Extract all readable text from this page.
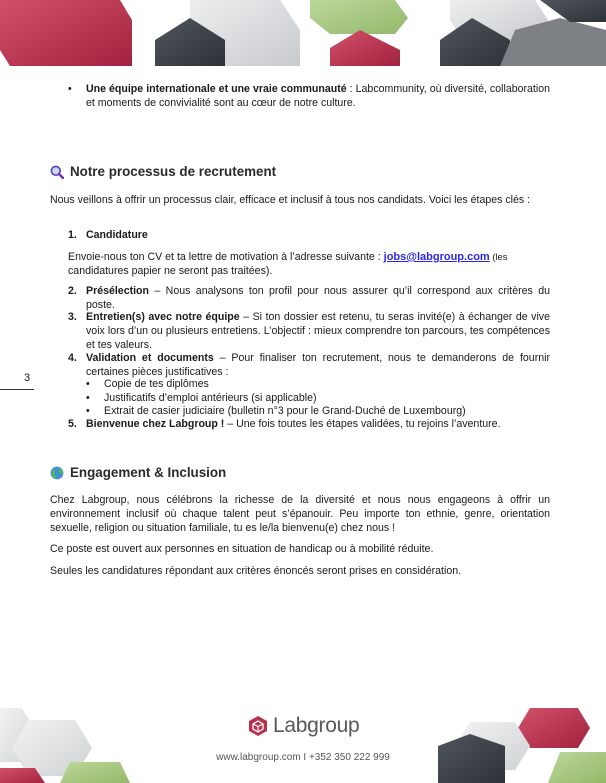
• Une équipe internationale et une vraie communauté : Labcommunity, où diversité, collaboration et moments de convivialité sont au cœur de notre culture.
Notre processus de recrutement

Nous veillons à offrir un processus clair, efficace et inclusif à tous nos candidats. Voici les étapes clés :

1. Candidature

Envoie-nous ton CV et ta lettre de motivation à l’adresse suivante : jobs@labgroup.com (les
candidatures papier ne seront pas traitées).

2. Présélection – Nous analysons ton profil pour nous assurer qu’il correspond aux critères du poste.
3. Entretien(s) avec notre équipe – Si ton dossier est retenu, tu seras invité(e) à échanger de vive voix lors d’un ou plusieurs entretiens. L’objectif : mieux comprendre ton parcours, tes compétences et tes valeurs.
4. Validation et documents – Pour finaliser ton recrutement, nous te demanderons de fournir certaines pièces justificatives :
• Copie de tes diplômes
• Justificatifs d’emploi antérieurs (si applicable)
• Extrait de casier judiciaire (bulletin n°3 pour le Grand-Duché de Luxembourg)
5. Bienvenue chez Labgroup ! – Une fois toutes les étapes validées, tu rejoins l’aventure.
Engagement & Inclusion

Chez Labgroup, nous célébrons la richesse de la diversité et nous nous engageons à offrir un environnement inclusif où chaque talent peut s’épanouir. Peu importe ton ethnie, genre, orientation sexuelle, religion ou situation familiale, tu es le/la bienvenu(e) chez nous !

Ce poste est ouvert aux personnes en situation de handicap ou à mobilité réduite.

Seules les candidatures répondant aux critères énoncés seront prises en considération.

3
Labgroup
www.labgroup.com I +352 350 222 999
